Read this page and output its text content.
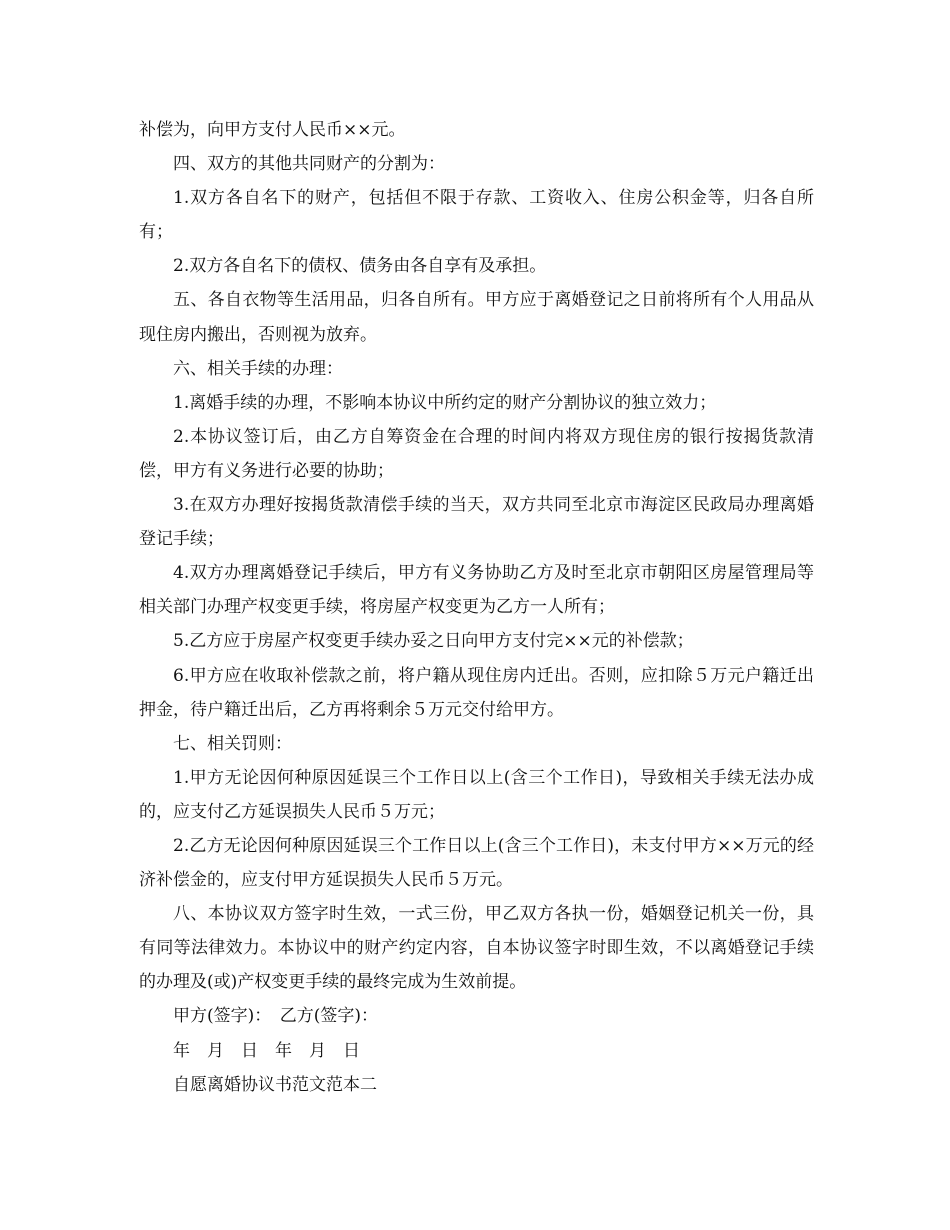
补偿为，向甲方支付人民币××元。

四、双方的其他共同财产的分割为：

1.双方各自名下的财产，包括但不限于存款、工资收入、住房公积金等，归各自所有；

2.双方各自名下的债权、债务由各自享有及承担。

五、各自衣物等生活用品，归各自所有。甲方应于离婚登记之日前将所有个人用品从现住房内搬出，否则视为放弃。

六、相关手续的办理：

1.离婚手续的办理，不影响本协议中所约定的财产分割协议的独立效力；

2.本协议签订后，由乙方自筹资金在合理的时间内将双方现住房的银行按揭货款清偿，甲方有义务进行必要的协助；

3.在双方办理好按揭货款清偿手续的当天，双方共同至北京市海淀区民政局办理离婚登记手续；

4.双方办理离婚登记手续后，甲方有义务协助乙方及时至北京市朝阳区房屋管理局等相关部门办理产权变更手续，将房屋产权变更为乙方一人所有；

5.乙方应于房屋产权变更手续办妥之日向甲方支付完××元的补偿款；

6.甲方应在收取补偿款之前，将户籍从现住房内迁出。否则，应扣除５万元户籍迁出押金，待户籍迁出后，乙方再将剩余５万元交付给甲方。

七、相关罚则：

1.甲方无论因何种原因延误三个工作日以上(含三个工作日)，导致相关手续无法办成的，应支付乙方延误损失人民币５万元；

2.乙方无论因何种原因延误三个工作日以上(含三个工作日)，未支付甲方××万元的经济补偿金的，应支付甲方延误损失人民币５万元。

八、本协议双方签字时生效，一式三份，甲乙双方各执一份，婚姻登记机关一份，具有同等法律效力。本协议中的财产约定内容，自本协议签字时即生效，不以离婚登记手续的办理及(或)产权变更手续的最终完成为生效前提。

甲方(签字)：　乙方(签字)：

年　月　日　年　月　日

自愿离婚协议书范文范本二
